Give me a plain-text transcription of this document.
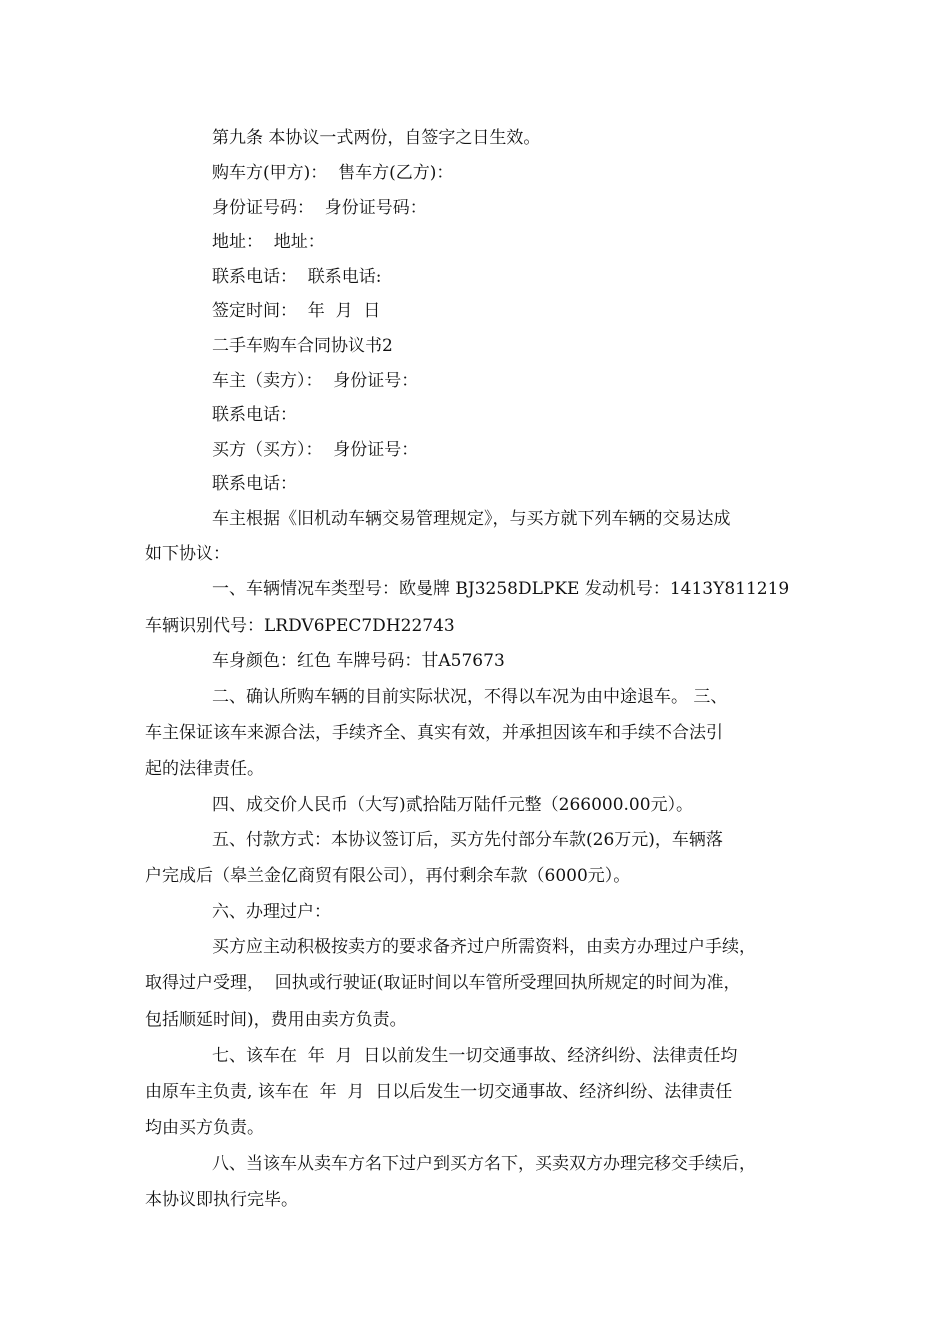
第九条 本协议一式两份，自签字之日生效。
购车方(甲方)：  售车方(乙方)：
身份证号码：  身份证号码：
地址：  地址：
联系电话：  联系电话:
签定时间：  年  月  日
二手车购车合同协议书2
车主（卖方）：  身份证号：
联系电话：
买方（买方）：  身份证号：
联系电话：
车主根据《旧机动车辆交易管理规定》，与买方就下列车辆的交易达成
如下协议：
一、车辆情况车类型号：欧曼牌 BJ3258DLPKE 发动机号：1413Y811219
车辆识别代号：LRDV6PEC7DH22743
车身颜色：红色 车牌号码：甘A57673
二、确认所购车辆的目前实际状况，不得以车况为由中途退车。 三、
车主保证该车来源合法，手续齐全、真实有效，并承担因该车和手续不合法引
起的法律责任。
四、成交价人民币（大写)贰拾陆万陆仟元整（266000.00元）。
五、付款方式：本协议签订后，买方先付部分车款(26万元)，车辆落
户完成后（皋兰金亿商贸有限公司），再付剩余车款（6000元）。
六、办理过户：
买方应主动积极按卖方的要求备齐过户所需资料，由卖方办理过户手续，
取得过户受理，  回执或行驶证(取证时间以车管所受理回执所规定的时间为准，
包括顺延时间)，费用由卖方负责。
七、该车在  年  月  日以前发生一切交通事故、经济纠纷、法律责任均
由原车主负责, 该车在  年  月  日以后发生一切交通事故、经济纠纷、法律责任
均由买方负责。
八、当该车从卖车方名下过户到买方名下，买卖双方办理完移交手续后，
本协议即执行完毕。
